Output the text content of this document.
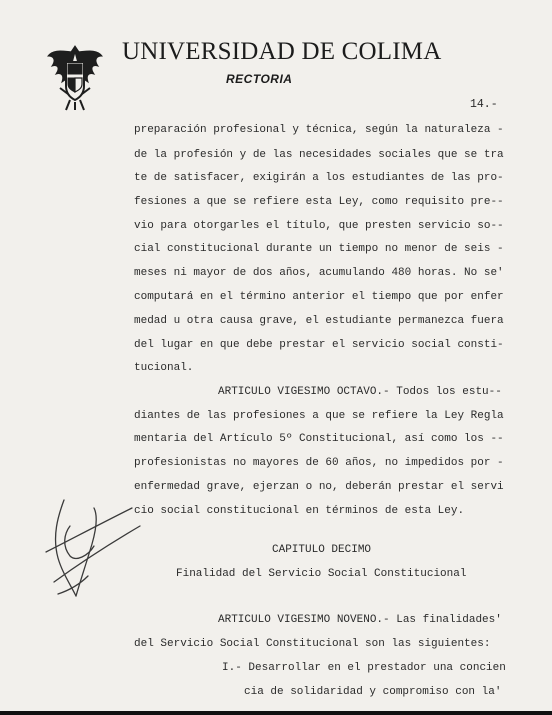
UNIVERSIDAD DE COLIMA
RECTORIA
14.-
preparación profesional y técnica, según la naturaleza -
de la profesión y de las necesidades sociales que se tra
te de satisfacer, exigirán a los estudiantes de las pro-
fesiones a que se refiere esta Ley, como requisito pre--
vio para otorgarles el título, que presten servicio so--
cial constitucional durante un tiempo no menor de seis -
meses ni mayor de dos años, acumulando 480 horas. No se'
computará en el término anterior el tiempo que por enfer
medad u otra causa grave, el estudiante permanezca fuera
del lugar en que debe prestar el servicio social consti-
tucional.
ARTICULO VIGESIMO OCTAVO.- Todos los estu--
diantes de las profesiones a que se refiere la Ley Regla
mentaria del Artículo 5º Constitucional, así como los --
profesionistas no mayores de 60 años, no impedidos por -
enfermedad grave, ejerzan o no, deberán prestar el servi
cio social constitucional en términos de esta Ley.
CAPITULO DECIMO
Finalidad del Servicio Social Constitucional
ARTICULO VIGESIMO NOVENO.- Las finalidades'
del Servicio Social Constitucional son las siguientes:
I.- Desarrollar en el prestador una concien
cia de solidaridad y compromiso con la'
